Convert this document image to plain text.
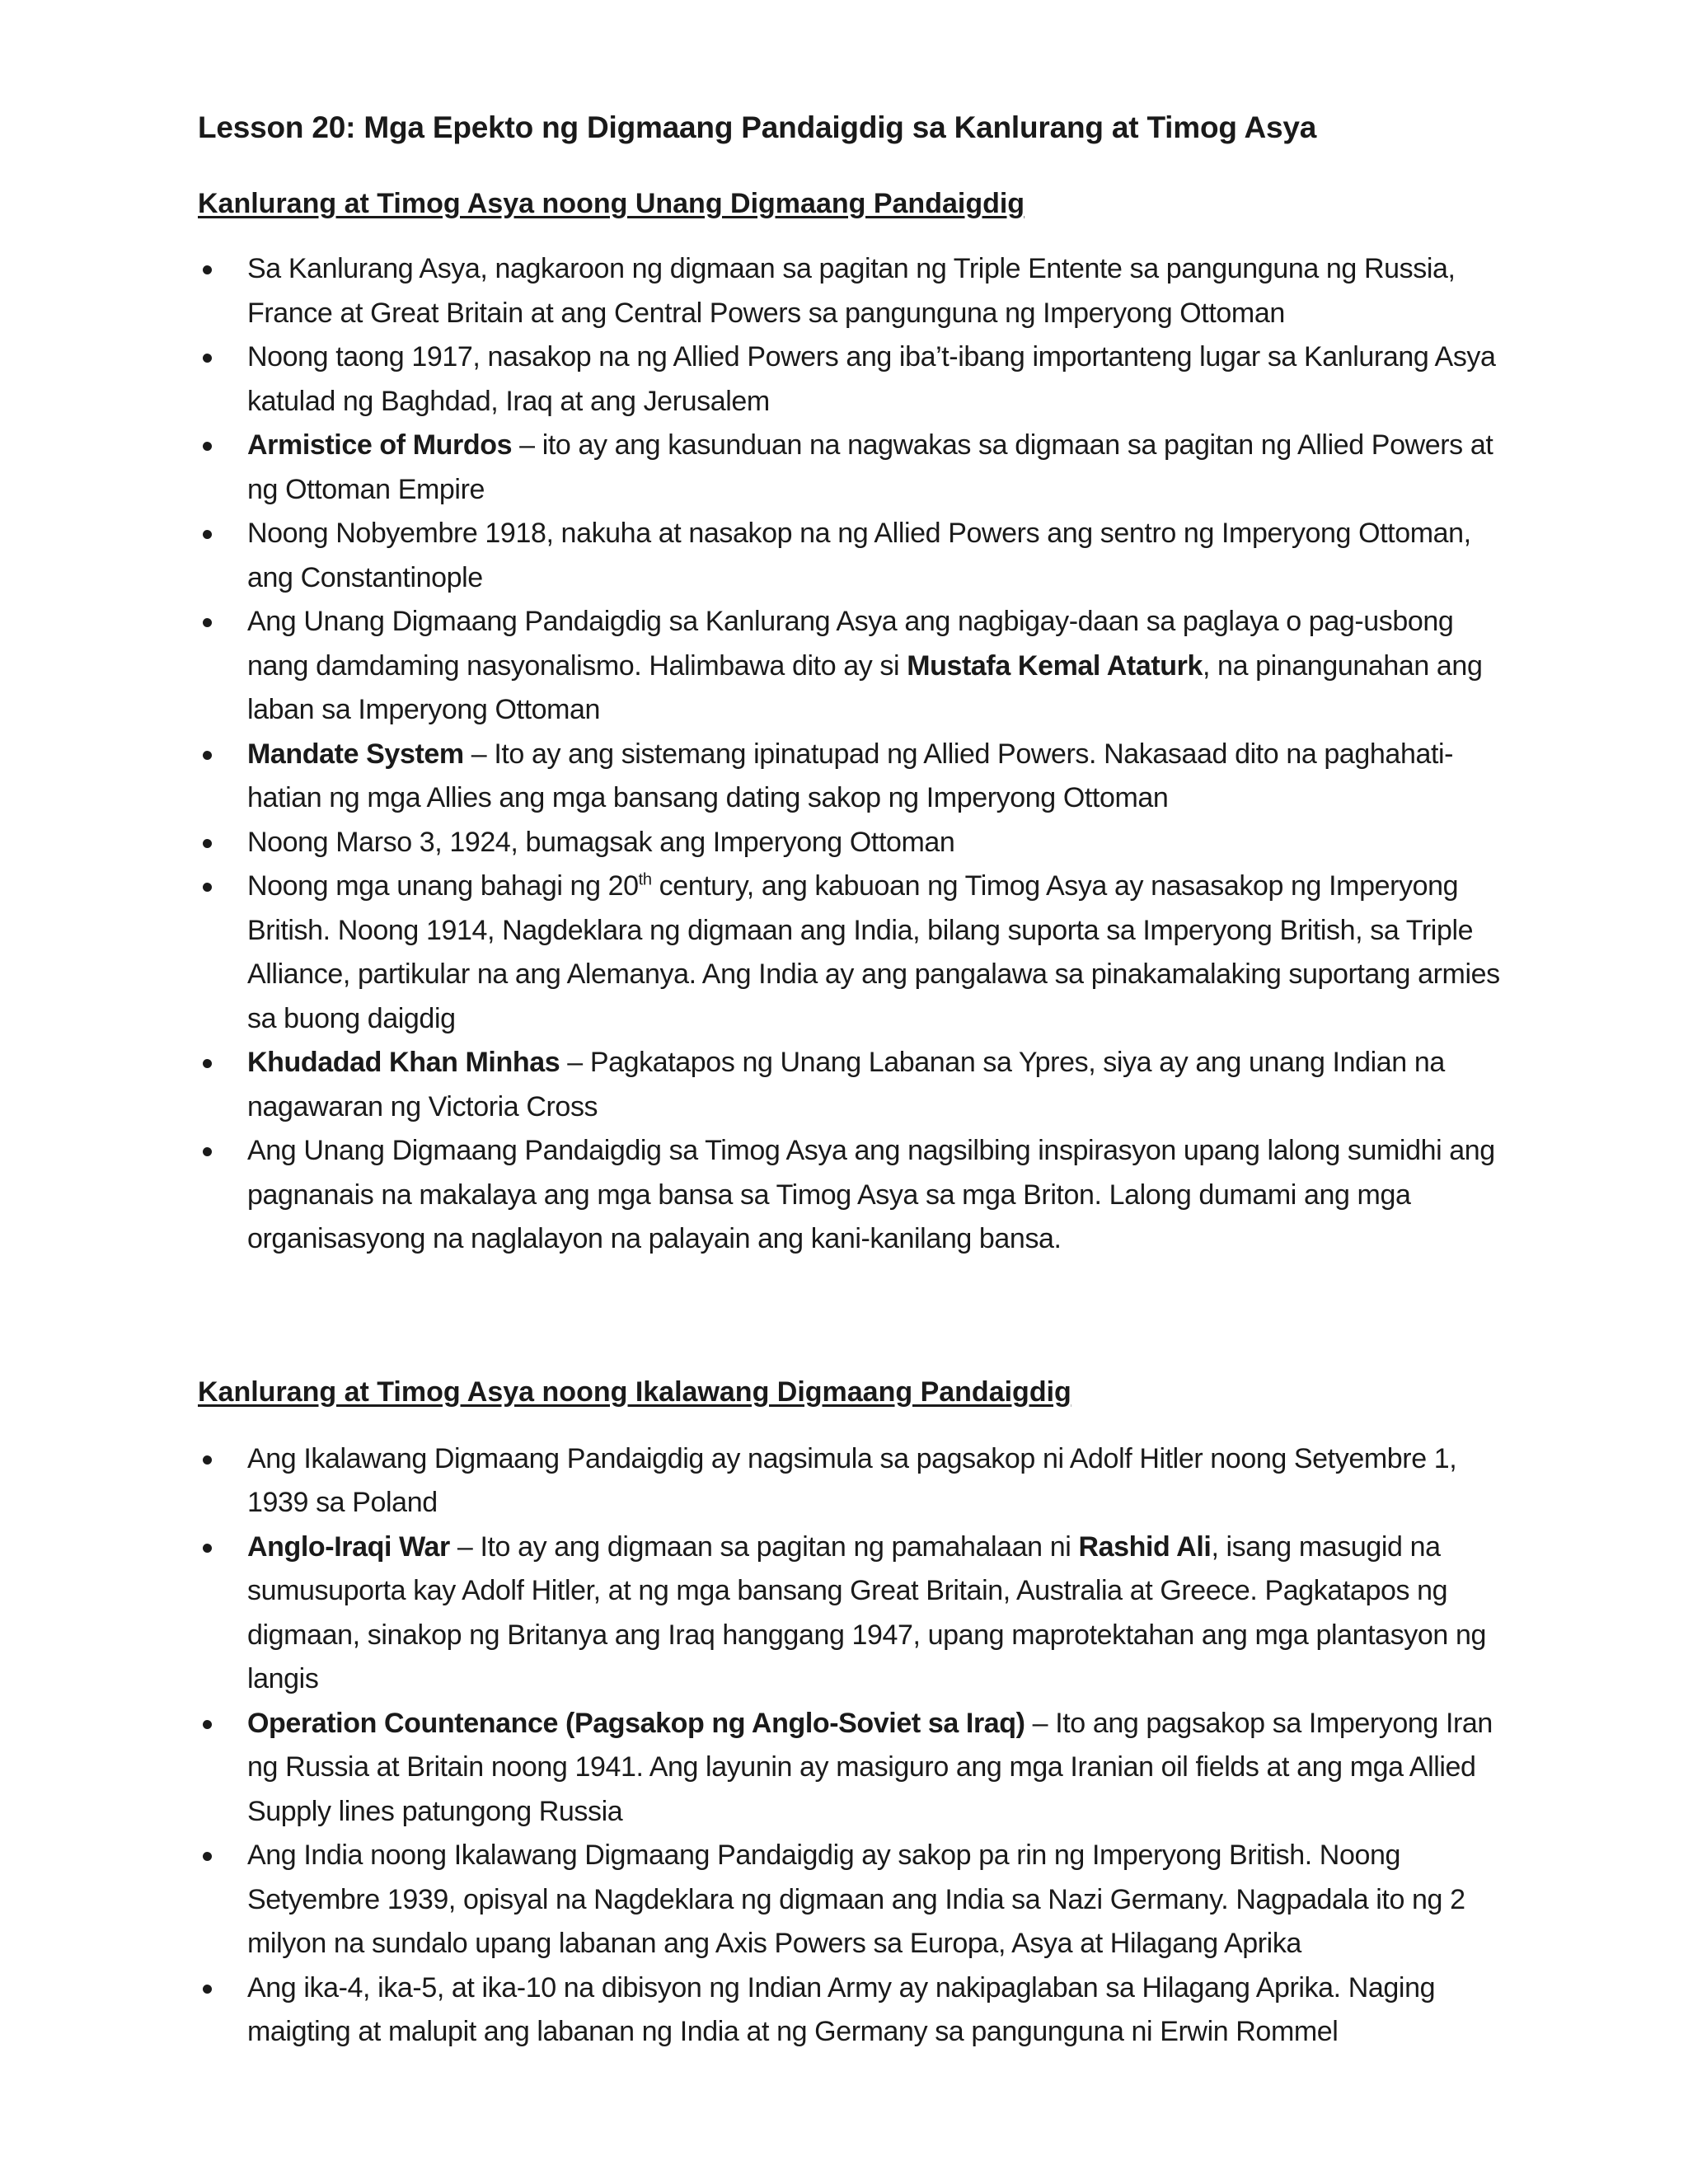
Lesson 20: Mga Epekto ng Digmaang Pandaigdig sa Kanlurang at Timog Asya
Kanlurang at Timog Asya noong Unang Digmaang Pandaigdig
Sa Kanlurang Asya, nagkaroon ng digmaan sa pagitan ng Triple Entente sa pangunguna ng Russia, France at Great Britain at ang Central Powers sa pangunguna ng Imperyong Ottoman
Noong taong 1917, nasakop na ng Allied Powers ang iba’t-ibang importanteng lugar sa Kanlurang Asya katulad ng Baghdad, Iraq at ang Jerusalem
Armistice of Murdos – ito ay ang kasunduan na nagwakas sa digmaan sa pagitan ng Allied Powers at ng Ottoman Empire
Noong Nobyembre 1918, nakuha at nasakop na ng Allied Powers ang sentro ng Imperyong Ottoman, ang Constantinople
Ang Unang Digmaang Pandaigdig sa Kanlurang Asya ang nagbigay-daan sa paglaya o pag-usbong nang damdaming nasyonalismo. Halimbawa dito ay si Mustafa Kemal Ataturk, na pinangunahan ang laban sa Imperyong Ottoman
Mandate System – Ito ay ang sistemang ipinatupad ng Allied Powers. Nakasaad dito na paghahati-hatian ng mga Allies ang mga bansang dating sakop ng Imperyong Ottoman
Noong Marso 3, 1924, bumagsak ang Imperyong Ottoman
Noong mga unang bahagi ng 20th century, ang kabuoan ng Timog Asya ay nasasakop ng Imperyong British. Noong 1914, Nagdeklara ng digmaan ang India, bilang suporta sa Imperyong British, sa Triple Alliance, partikular na ang Alemanya. Ang India ay ang pangalawa sa pinakamalaking suportang armies sa buong daigdig
Khudadad Khan Minhas – Pagkatapos ng Unang Labanan sa Ypres, siya ay ang unang Indian na nagawaran ng Victoria Cross
Ang Unang Digmaang Pandaigdig sa Timog Asya ang nagsilbing inspirasyon upang lalong sumidhi ang pagnanais na makalaya ang mga bansa sa Timog Asya sa mga Briton. Lalong dumami ang mga organisasyong na naglalayon na palayain ang kani-kanilang bansa.
Kanlurang at Timog Asya noong Ikalawang Digmaang Pandaigdig
Ang Ikalawang Digmaang Pandaigdig ay nagsimula sa pagsakop ni Adolf Hitler noong Setyembre 1, 1939 sa Poland
Anglo-Iraqi War – Ito ay ang digmaan sa pagitan ng pamahalaan ni Rashid Ali, isang masugid na sumusuporta kay Adolf Hitler, at ng mga bansang Great Britain, Australia at Greece. Pagkatapos ng digmaan, sinakop ng Britanya ang Iraq hanggang 1947, upang maprotektahan ang mga plantasyon ng langis
Operation Countenance (Pagsakop ng Anglo-Soviet sa Iraq) – Ito ang pagsakop sa Imperyong Iran ng Russia at Britain noong 1941. Ang layunin ay masiguro ang mga Iranian oil fields at ang mga Allied Supply lines patungong Russia
Ang India noong Ikalawang Digmaang Pandaigdig ay sakop pa rin ng Imperyong British. Noong Setyembre 1939, opisyal na Nagdeklara ng digmaan ang India sa Nazi Germany. Nagpadala ito ng 2 milyon na sundalo upang labanan ang Axis Powers sa Europa, Asya at Hilagang Aprika
Ang ika-4, ika-5, at ika-10 na dibisyon ng Indian Army ay nakipaglaban sa Hilagang Aprika. Naging maigting at malupit ang labanan ng India at ng Germany sa pangunguna ni Erwin Rommel
